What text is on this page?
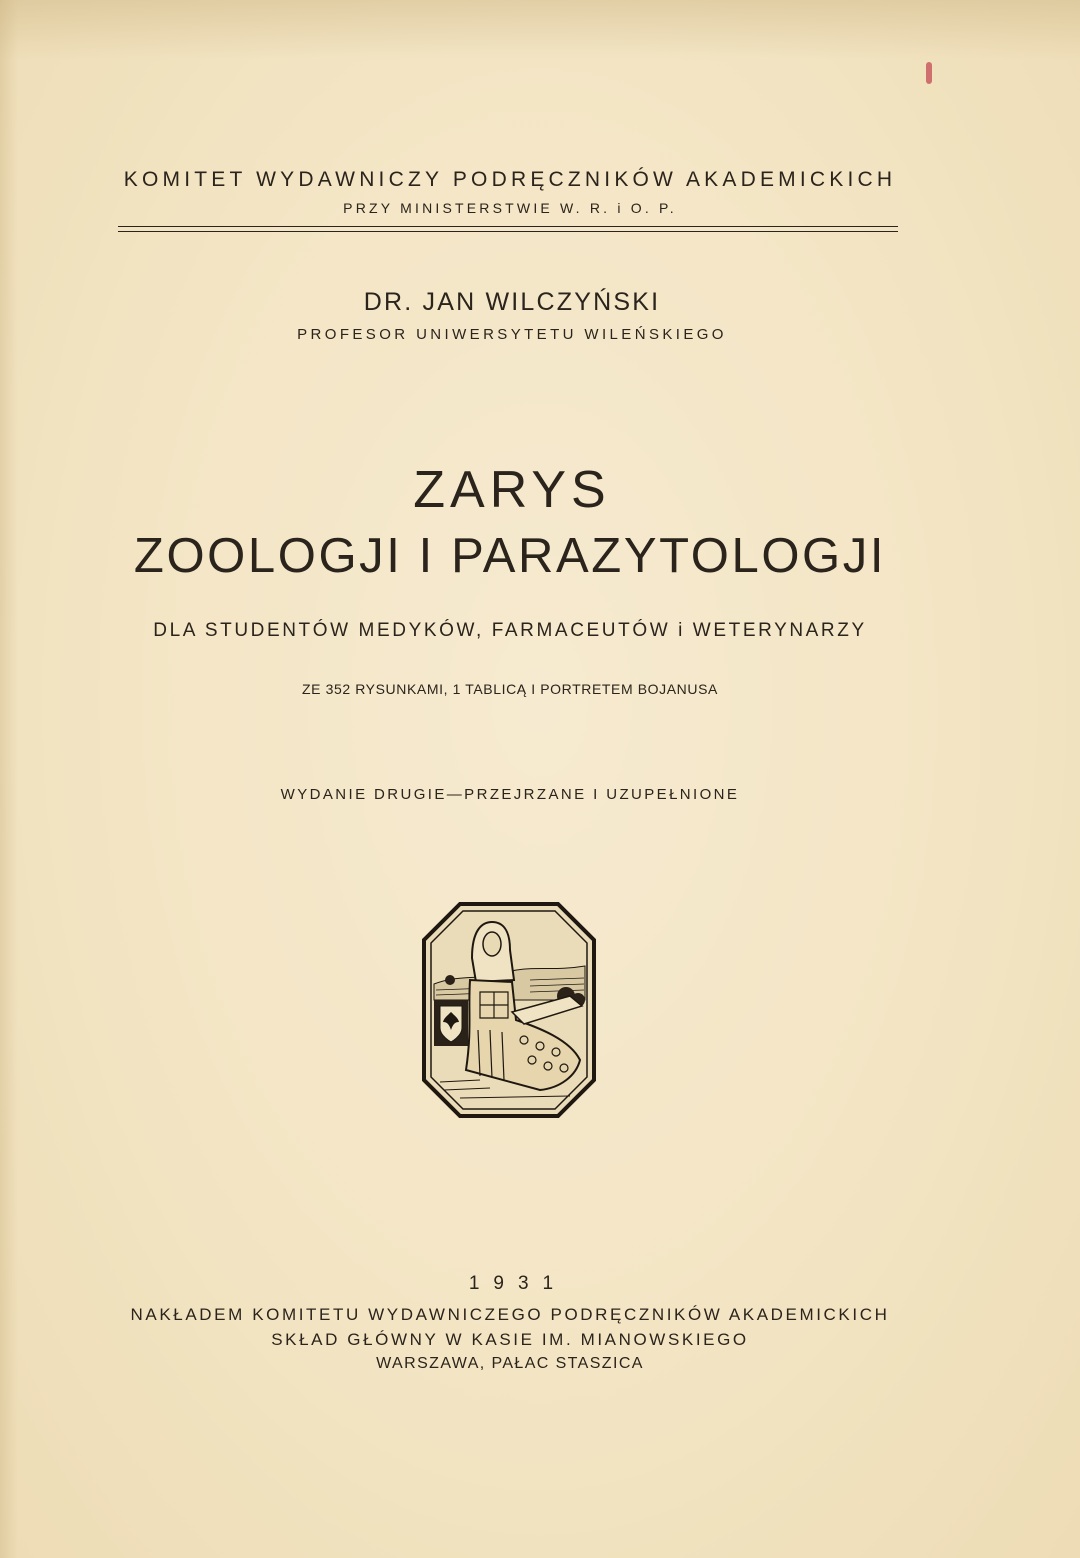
KOMITET WYDAWNICZY PODRĘCZNIKÓW AKADEMICKICH
PRZY MINISTERSTWIE W. R. i O. P.
DR. JAN WILCZYŃSKI
PROFESOR UNIWERSYTETU WILEŃSKIEGO
ZARYS
ZOOLOGJI I PARAZYTOLOGJI
DLA STUDENTÓW MEDYKÓW, FARMACEUTÓW i WETERYNARZY
ZE 352 RYSUNKAMI, 1 TABLICĄ I PORTRETEM BOJANUSA
WYDANIE DRUGIE—PRZEJRZANE I UZUPEŁNIONE
1931
NAKŁADEM KOMITETU WYDAWNICZEGO PODRĘCZNIKÓW AKADEMICKICH
SKŁAD GŁÓWNY W KASIE IM. MIANOWSKIEGO
WARSZAWA, PAŁAC STASZICA
